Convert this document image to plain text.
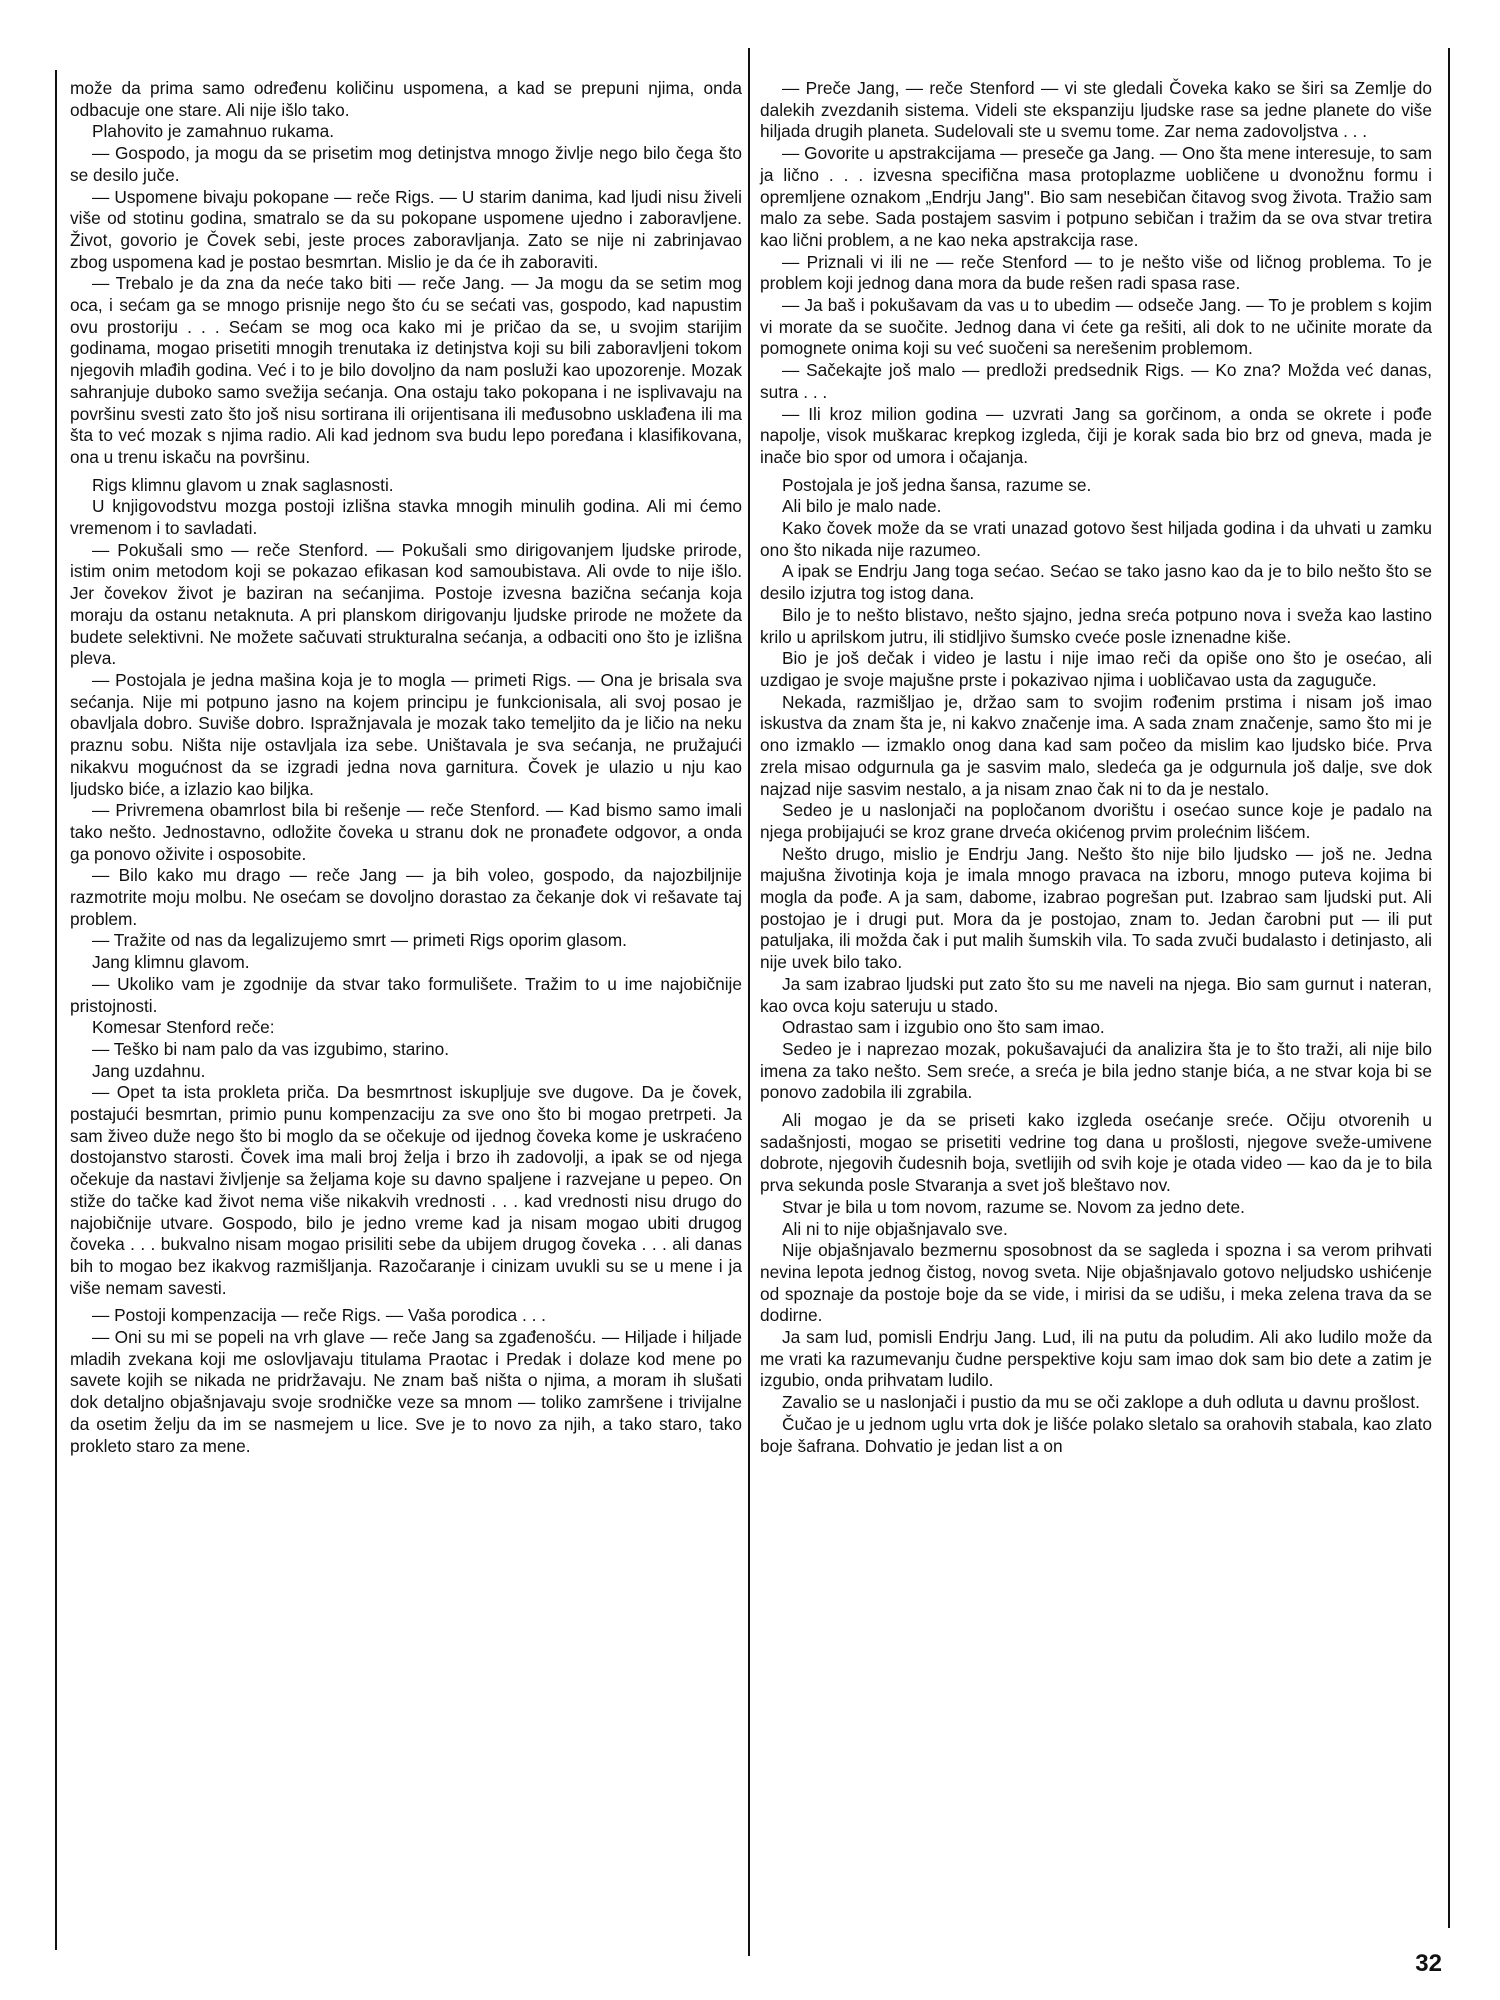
može da prima samo određenu količinu uspomena, a kad se prepuni njima, onda odbacuje one stare. Ali nije išlo tako.

Plahovito je zamahnuo rukama.

— Gospodo, ja mogu da se prisetim mog detinjstva mnogo življe nego bilo čega što se desilo juče.

— Uspomene bivaju pokopane — reče Rigs. — U starim danima, kad ljudi nisu živeli više od stotinu godina, smatralo se da su pokopane uspomene ujedno i zaboravljene. Život, govorio je Čovek sebi, jeste proces zaboravljanja. Zato se nije ni zabrinjavao zbog uspomena kad je postao besmrtan. Mislio je da će ih zaboraviti.

— Trebalo je da zna da neće tako biti — reče Jang. — Ja mogu da se setim mog oca, i sećam ga se mnogo prisnije nego što ću se sećati vas, gospodo, kad napustim ovu prostoriju . . . Sećam se mog oca kako mi je pričao da se, u svojim starijim godinama, mogao prisetiti mnogih trenutaka iz detinjstva koji su bili zaboravljeni tokom njegovih mlađih godina. Već i to je bilo dovoljno da nam posluži kao upozorenje. Mozak sahranjuje duboko samo svežija sećanja. Ona ostaju tako pokopana i ne isplivavaju na površinu svesti zato što još nisu sortirana ili orijentisana ili međusobno usklađena ili ma šta to već mozak s njima radio. Ali kad jednom sva budu lepo poređana i klasifikovana, ona u trenu iskaču na površinu.

Rigs klimnu glavom u znak saglasnosti.

U knjigovodstvu mozga postoji izlišna stavka mnogih minulih godina. Ali mi ćemo vremenom i to savladati.

— Pokušali smo — reče Stenford. — Pokušali smo dirigovanjem ljudske prirode, istim onim metodom koji se pokazao efikasan kod samoubistava. Ali ovde to nije išlo. Jer čovekov život je baziran na sećanjima. Postoje izvesna bazična sećanja koja moraju da ostanu netaknuta. A pri planskom dirigovanju ljudske prirode ne možete da budete selektivni. Ne možete sačuvati strukturalna sećanja, a odbaciti ono što je izlišna pleva.

— Postojala je jedna mašina koja je to mogla — primeti Rigs. — Ona je brisala sva sećanja. Nije mi potpuno jasno na kojem principu je funkcionisala, ali svoj posao je obavljala dobro. Suviše dobro. Ispražnjavala je mozak tako temeljito da je ličio na neku praznu sobu. Ništa nije ostavljala iza sebe. Uništavala je sva sećanja, ne pružajući nikakvu mogućnost da se izgradi jedna nova garnitura. Čovek je ulazio u nju kao ljudsko biće, a izlazio kao biljka.

— Privremena obamrlost bila bi rešenje — reče Stenford. — Kad bismo samo imali tako nešto. Jednostavno, odložite čoveka u stranu dok ne pronađete odgovor, a onda ga ponovo oživite i osposobite.

— Bilo kako mu drago — reče Jang — ja bih voleo, gospodo, da najozbiljnije razmotrite moju molbu. Ne osećam se dovoljno dorastao za čekanje dok vi rešavate taj problem.

— Tražite od nas da legalizujemo smrt — primeti Rigs oporim glasom.

Jang klimnu glavom.

— Ukoliko vam je zgodnije da stvar tako formulišete. Tražim to u ime najobičnije pristojnosti.

Komesar Stenford reče:

— Teško bi nam palo da vas izgubimo, starino.

Jang uzdahnu.

— Opet ta ista prokleta priča. Da besmrtnost iskupljuje sve dugove. Da je čovek, postajući besmrtan, primio punu kompenzaciju za sve ono što bi mogao pretrpeti. Ja sam živeo duže nego što bi moglo da se očekuje od ijednog čoveka kome je uskraćeno dostojanstvo starosti. Čovek ima mali broj želja i brzo ih zadovolji, a ipak se od njega očekuje da nastavi življenje sa željama koje su davno spaljene i razvejane u pepeo. On stiže do tačke kad život nema više nikakvih vrednosti . . . kad vrednosti nisu drugo do najobičnije utvare. Gospodo, bilo je jedno vreme kad ja nisam mogao ubiti drugog čoveka . . . bukvalno nisam mogao prisiliti sebe da ubijem drugog čoveka . . . ali danas bih to mogao bez ikakvog razmišljanja. Razočaranje i cinizam uvukli su se u mene i ja više nemam savesti.

— Postoji kompenzacija — reče Rigs. — Vaša porodica . . .

— Oni su mi se popeli na vrh glave — reče Jang sa zgađenošću. — Hiljade i hiljade mladih zvekana koji me oslovljavaju titulama Praotac i Predak i dolaze kod mene po savete kojih se nikada ne pridržavaju. Ne znam baš ništa o njima, a moram ih slušati dok detaljno objašnjavaju svoje srodničke veze sa mnom — toliko zamršene i trivijalne da osetim želju da im se nasmejem u lice. Sve je to novo za njih, a tako staro, tako prokleto staro za mene.

— Preče Jang, — reče Stenford — vi ste gledali Čoveka kako se širi sa Zemlje do dalekih zvezdanih sistema. Videli ste ekspanziju ljudske rase sa jedne planete do više hiljada drugih planeta. Sudelovali ste u svemu tome. Zar nema zadovoljstva . . .

— Govorite u apstrakcijama — preseče ga Jang. — Ono šta mene interesuje, to sam ja lično . . . izvesna specifična masa protoplazme uobličene u dvonožnu formu i opremljene oznakom „Endrju Jang". Bio sam nesebičan čitavog svog života. Tražio sam malo za sebe. Sada postajem sasvim i potpuno sebičan i tražim da se ova stvar tretira kao lični problem, a ne kao neka apstrakcija rase.

— Priznali vi ili ne — reče Stenford — to je nešto više od ličnog problema. To je problem koji jednog dana mora da bude rešen radi spasa rase.

— Ja baš i pokušavam da vas u to ubedim — odseče Jang. — To je problem s kojim vi morate da se suočite. Jednog dana vi ćete ga rešiti, ali dok to ne učinite morate da pomognete onima koji su već suočeni sa nerešenim problemom.

— Sačekajte još malo — predloži predsednik Rigs. — Ko zna? Možda već danas, sutra . . .

— Ili kroz milion godina — uzvrati Jang sa gorčinom, a onda se okrete i pođe napolje, visok muškarac krepkog izgleda, čiji je korak sada bio brz od gneva, mada je inače bio spor od umora i očajanja.

Postojala je još jedna šansa, razume se.

Ali bilo je malo nade.

Kako čovek može da se vrati unazad gotovo šest hiljada godina i da uhvati u zamku ono što nikada nije razumeo.

A ipak se Endrju Jang toga sećao. Sećao se tako jasno kao da je to bilo nešto što se desilo izjutra tog istog dana.

Bilo je to nešto blistavo, nešto sjajno, jedna sreća potpuno nova i sveža kao lastino krilo u aprilskom jutru, ili stidljivo šumsko cveće posle iznenadne kiše.

Bio je još dečak i video je lastu i nije imao reči da opiše ono što je osećao, ali uzdigao je svoje majušne prste i pokazivao njima i uobličavao usta da zaguguče.

Nekada, razmišljao je, držao sam to svojim rođenim prstima i nisam još imao iskustva da znam šta je, ni kakvo značenje ima. A sada znam značenje, samo što mi je ono izmaklo — izmaklo onog dana kad sam počeo da mislim kao ljudsko biće. Prva zrela misao odgurnula ga je sasvim malo, sledeća ga je odgurnula još dalje, sve dok najzad nije sasvim nestalo, a ja nisam znao čak ni to da je nestalo.

Sedeo je u naslonjači na popločanom dvorištu i osećao sunce koje je padalo na njega probijajući se kroz grane drveća okićenog prvim prolećnim lišćem.

Nešto drugo, mislio je Endrju Jang. Nešto što nije bilo ljudsko — još ne. Jedna majušna životinja koja je imala mnogo pravaca na izboru, mnogo puteva kojima bi mogla da pođe. A ja sam, dabome, izabrao pogrešan put. Izabrao sam ljudski put. Ali postojao je i drugi put. Mora da je postojao, znam to. Jedan čarobni put — ili put patuljaka, ili možda čak i put malih šumskih vila. To sada zvuči budalasto i detinjasto, ali nije uvek bilo tako.

Ja sam izabrao ljudski put zato što su me naveli na njega. Bio sam gurnut i nateran, kao ovca koju sateruju u stado.

Odrastao sam i izgubio ono što sam imao.

Sedeo je i naprezao mozak, pokušavajući da analizira šta je to što traži, ali nije bilo imena za tako nešto. Sem sreće, a sreća je bila jedno stanje bića, a ne stvar koja bi se ponovo zadobila ili zgrabila.

Ali mogao je da se priseti kako izgleda osećanje sreće. Očiju otvorenih u sadašnjosti, mogao se prisetiti vedrine tog dana u prošlosti, njegove sveže-umivene dobrote, njegovih čudesnih boja, svetlijih od svih koje je otada video — kao da je to bila prva sekunda posle Stvaranja a svet još bleštavo nov.

Stvar je bila u tom novom, razume se. Novom za jedno dete.

Ali ni to nije objašnjavalo sve.

Nije objašnjavalo bezmernu sposobnost da se sagleda i spozna i sa verom prihvati nevina lepota jednog čistog, novog sveta. Nije objašnjavalo gotovo neljudsko ushićenje od spoznaje da postoje boje da se vide, i mirisi da se udišu, i meka zelena trava da se dodirne.

Ja sam lud, pomisli Endrju Jang. Lud, ili na putu da poludim. Ali ako ludilo može da me vrati ka razumevanju čudne perspektive koju sam imao dok sam bio dete a zatim je izgubio, onda prihvatam ludilo.

Zavalio se u naslonjači i pustio da mu se oči zaklope a duh odluta u davnu prošlost.

Čučao je u jednom uglu vrta dok je lišće polako sletalo sa orahovih stabala, kao zlato boje šafrana. Dohvatio je jedan list a on

32
